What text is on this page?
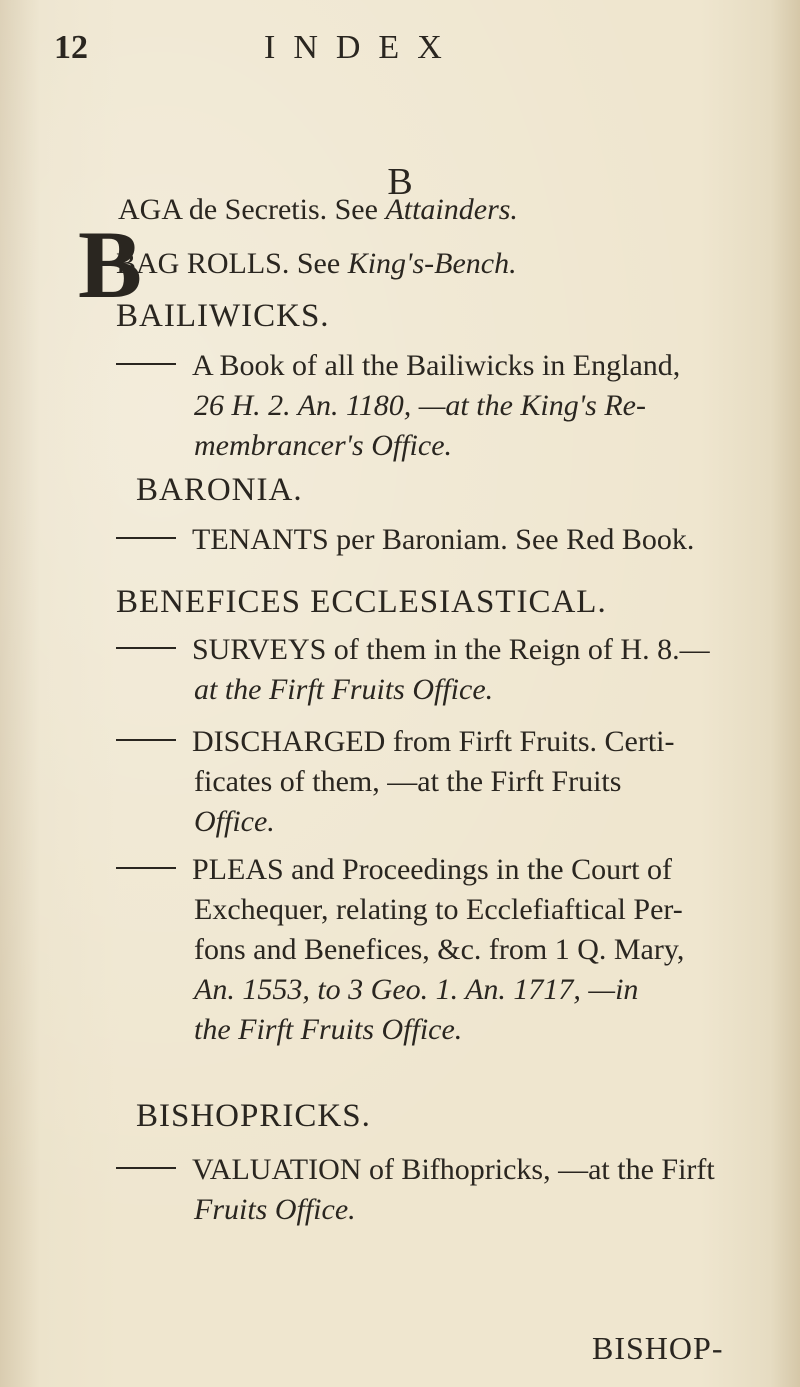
12	INDEX
B
B
AGA de Secretis. See Attainders.
BAG ROLLS. See King's-Bench.
BAILIWICKS.
A Book of all the Bailiwicks in England,
26 H. 2. An. 1180, —at the King's Re-
membrancer's Office.
BARONIA.
TENANTS per Baroniam. See Red Book.
BENEFICES ECCLESIASTICAL.
SURVEYS of them in the Reign of H. 8.—
at the Firft Fruits Office.
DISCHARGED from Firft Fruits. Certi-
ficates of them, —at the Firft Fruits
Office.
PLEAS and Proceedings in the Court of
Exchequer, relating to Ecclefiaftical Per-
fons and Benefices, &c. from 1 Q. Mary,
An. 1553, to 3 Geo. 1. An. 1717, —in
the Firft Fruits Office.
BISHOPRICKS.
VALUATION of Bifhopricks, —at the Firft
Fruits Office.
BISHOP-
